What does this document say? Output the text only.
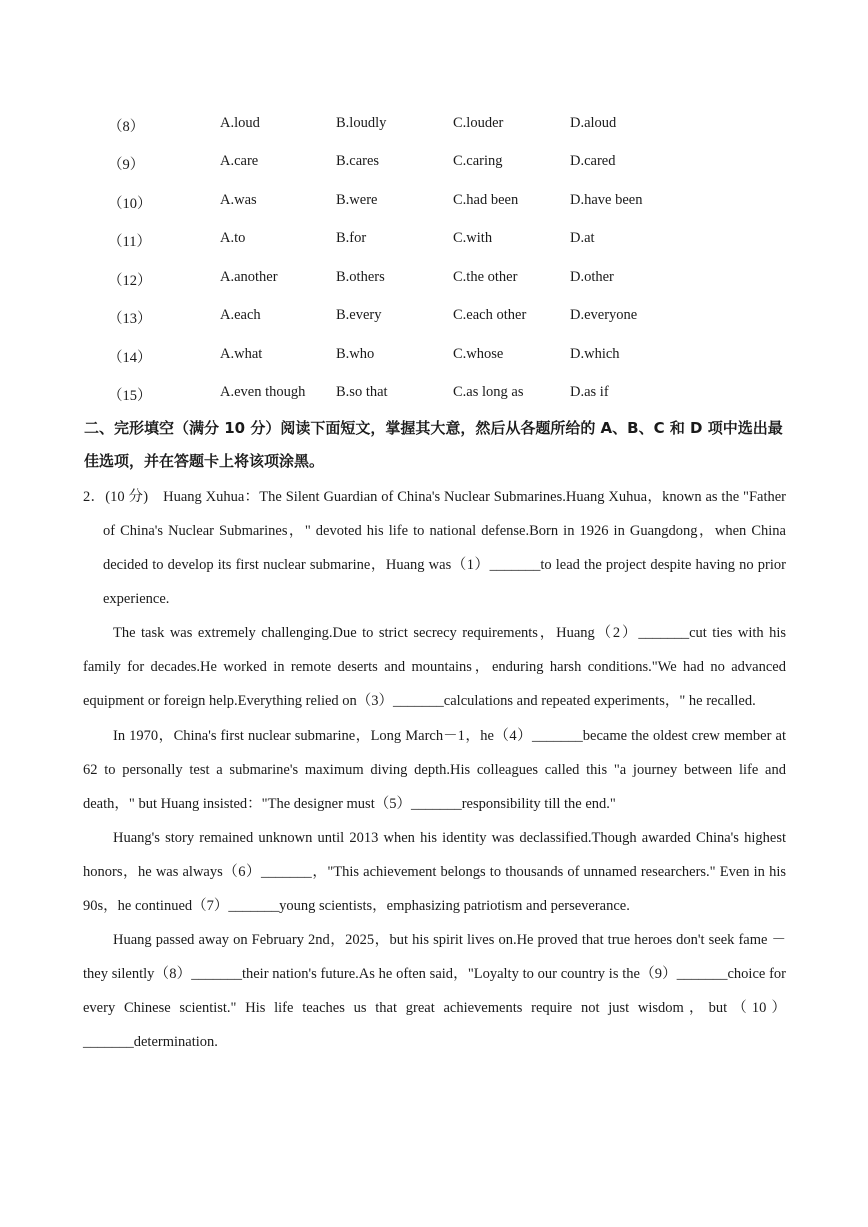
（8）	A.loud	B.loudly	C.louder	D.aloud
（9）	A.care	B.cares	C.caring	D.cared
（10）	A.was	B.were	C.had been	D.have been
（11）	A.to	B.for	C.with	D.at
（12）	A.another	B.others	C.the other	D.other
（13）	A.each	B.every	C.each other	D.everyone
（14）	A.what	B.who	C.whose	D.which
（15）	A.even though B.so that	C.as long as	D.as if
二、完形填空（满分 10 分）阅读下面短文，掌握其大意，然后从各题所给的 A、B、C 和 D 项中选出最佳选项，并在答题卡上将该项涂黑。
2．(10 分)　Huang Xuhua：The Silent Guardian of China's Nuclear Submarines.Huang Xuhua，known as the "Father of China's Nuclear Submarines，" devoted his life to national defense.Born in 1926 in Guangdong，when China decided to develop its first nuclear submarine，Huang was（1）_______to lead the project despite having no prior experience.
The task was extremely challenging.Due to strict secrecy requirements，Huang（2）_______cut ties with his family for decades.He worked in remote deserts and mountains，enduring harsh conditions."We had no advanced equipment or foreign help.Everything relied on（3）_______calculations and repeated experiments，" he recalled.
In 1970，China's first nuclear submarine，Long March－1，he（4）_______became the oldest crew member at 62 to personally test a submarine's maximum diving depth.His colleagues called this "a journey between life and death，" but Huang insisted："The designer must（5）_______responsibility till the end."
Huang's story remained unknown until 2013 when his identity was declassified.Though awarded China's highest honors，he was always（6）_______，"This achievement belongs to thousands of unnamed researchers." Even in his 90s，he continued（7）_______young scientists，emphasizing patriotism and perseverance.
Huang passed away on February 2nd，2025，but his spirit lives on.He proved that true heroes don't seek fame －they silently（8）_______their nation's future.As he often said，"Loyalty to our country is the（9）_______choice for every Chinese scientist." His life teaches us that great achievements require not just wisdom，but（10）_______determination.
